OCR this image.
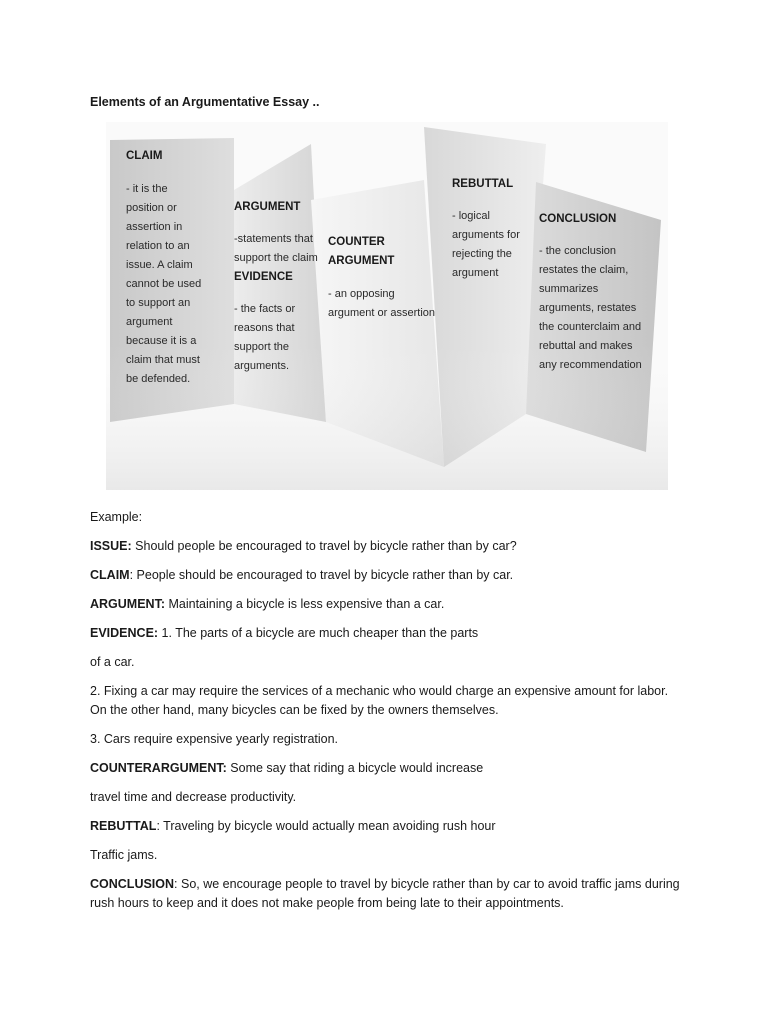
Elements of an Argumentative Essay ..
CLAIM
- it is the
position or
assertion in
relation to an
issue. A claim
cannot be used
to support an
argument
because it is a
claim that must
be defended.
ARGUMENT
-statements that
support the claim
EVIDENCE
- the facts or
reasons that
support the
arguments.
COUNTER
ARGUMENT
- an opposing
argument or assertion
REBUTTAL
- logical
arguments for
rejecting the
argument
CONCLUSION
- the conclusion
restates the claim,
summarizes
arguments, restates
the counterclaim and
rebuttal and makes
any recommendation

Example:

ISSUE: Should people be encouraged to travel by bicycle rather than by car?

CLAIM: People should be encouraged to travel by bicycle rather than by car.

ARGUMENT: Maintaining a bicycle is less expensive than a car.

EVIDENCE: 1. The parts of a bicycle are much cheaper than the parts

of a car.

2. Fixing a car may require the services of a mechanic who would charge an expensive amount for labor.
On the other hand, many bicycles can be fixed by the owners themselves.

3. Cars require expensive yearly registration.

COUNTERARGUMENT: Some say that riding a bicycle would increase

travel time and decrease productivity.

REBUTTAL: Traveling by bicycle would actually mean avoiding rush hour

Traffic jams.

CONCLUSION: So, we encourage people to travel by bicycle rather than by car to avoid traffic jams during
rush hours to keep and it does not make people from being late to their appointments.
